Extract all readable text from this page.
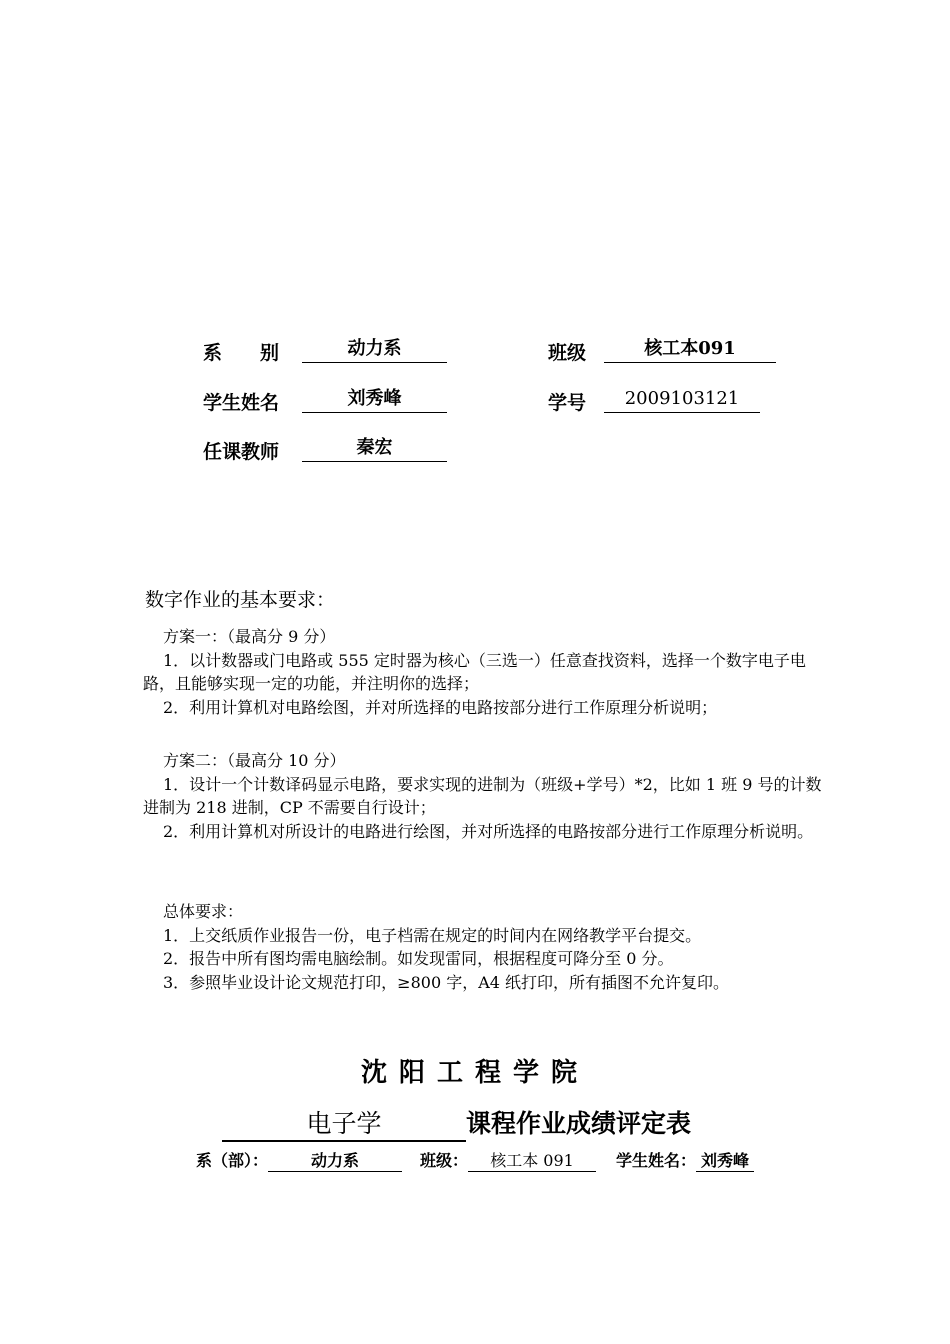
系　　别	动力系	班级	核工本091
学生姓名	刘秀峰	学号	2009103121
任课教师	秦宏
数字作业的基本要求：

方案一：（最高分 9 分）

1．以计数器或门电路或 555 定时器为核心（三选一）任意查找资料，选择一个数字电子电路，且能够实现一定的功能，并注明你的选择；

2．利用计算机对电路绘图，并对所选择的电路按部分进行工作原理分析说明；

方案二：（最高分 10 分）

1．设计一个计数译码显示电路，要求实现的进制为（班级+学号）*2，比如 1 班 9 号的计数进制为 218 进制，CP 不需要自行设计；

2．利用计算机对所设计的电路进行绘图，并对所选择的电路按部分进行工作原理分析说明。

总体要求：

1．上交纸质作业报告一份，电子档需在规定的时间内在网络教学平台提交。

2．报告中所有图均需电脑绘制。如发现雷同，根据程度可降分至 0 分。

3．参照毕业设计论文规范打印，≥800 字，A4 纸打印，所有插图不允许复印。

沈阳工程学院
电子学	课程作业成绩评定表
系（部）：	动力系	班级： 核工本 091	学生姓名： 刘秀峰
